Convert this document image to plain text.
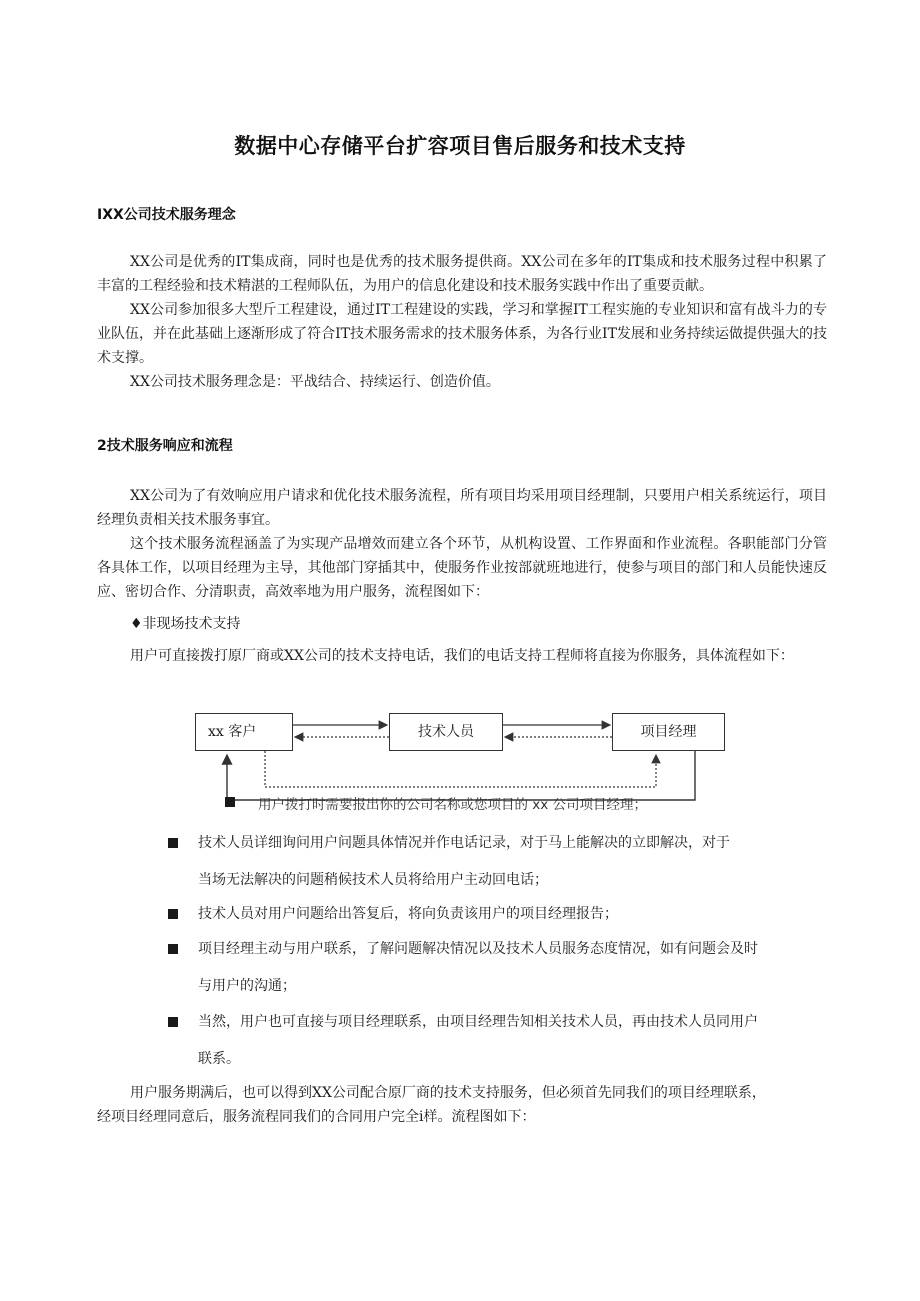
数据中心存储平台扩容项目售后服务和技术支持
IXX公司技术服务理念
XX公司是优秀的IT集成商，同时也是优秀的技术服务提供商。XX公司在多年的IT集成和技术服务过程中积累了丰富的工程经验和技术精湛的工程师队伍，为用户的信息化建设和技术服务实践中作出了重要贡献。
XX公司参加很多大型斤工程建设，通过IT工程建设的实践，学习和掌握IT工程实施的专业知识和富有战斗力的专业队伍，并在此基础上逐渐形成了符合IT技术服务需求的技术服务体系，为各行业IT发展和业务持续运做提供强大的技术支撑。
XX公司技术服务理念是：平战结合、持续运行、创造价值。
2技术服务响应和流程
XX公司为了有效响应用户请求和优化技术服务流程，所有项目均采用项目经理制，只要用户相关系统运行，项目经理负责相关技术服务事宜。
这个技术服务流程涵盖了为实现产品增效而建立各个环节，从机构设置、工作界面和作业流程。各职能部门分管各具体工作，以项目经理为主导，其他部门穿插其中，使服务作业按部就班地进行，使参与项目的部门和人员能快速反应、密切合作、分清职责，高效率地为用户服务，流程图如下：
♦非现场技术支持
用户可直接拨打原厂商或XX公司的技术支持电话，我们的电话支持工程师将直接为你服务，具体流程如下：
xx 客户	技术人员	项目经理
用户拨打时需要报出你的公司名称或您项目的 xx 公司项目经理；
技术人员详细询问用户问题具体情况并作电话记录，对于马上能解决的立即解决，对于
当场无法解决的问题稍候技术人员将给用户主动回电话；
技术人员对用户问题给出答复后，将向负责该用户的项目经理报告；
项目经理主动与用户联系，了解问题解决情况以及技术人员服务态度情况，如有问题会及时
与用户的沟通；
当然，用户也可直接与项目经理联系，由项目经理告知相关技术人员，再由技术人员同用户
联系。
用户服务期满后，也可以得到XX公司配合原厂商的技术支持服务，但必须首先同我们的项目经理联系，
经项目经理同意后，服务流程同我们的合同用户完全i样。流程图如下：
